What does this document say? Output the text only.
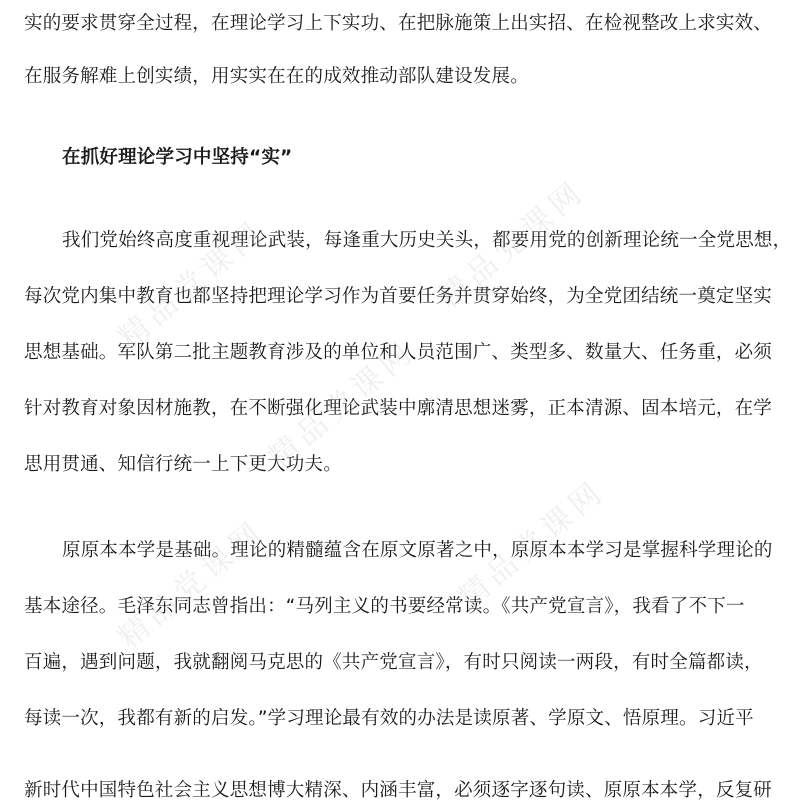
实的要求贯穿全过程，在理论学习上下实功、在把脉施策上出实招、在检视整改上求实效、
在服务解难上创实绩，用实实在在的成效推动部队建设发展。
在抓好理论学习中坚持“实”
我们党始终高度重视理论武装，每逢重大历史关头，都要用党的创新理论统一全党思想，
每次党内集中教育也都坚持把理论学习作为首要任务并贯穿始终，为全党团结统一奠定坚实
思想基础。军队第二批主题教育涉及的单位和人员范围广、类型多、数量大、任务重，必须
针对教育对象因材施教，在不断强化理论武装中廓清思想迷雾，正本清源、固本培元，在学
思用贯通、知信行统一上下更大功夫。
原原本本学是基础。理论的精髓蕴含在原文原著之中，原原本本学习是掌握科学理论的
基本途径。毛泽东同志曾指出：“马列主义的书要经常读。《共产党宣言》，我看了不下一
百遍，遇到问题，我就翻阅马克思的《共产党宣言》，有时只阅读一两段，有时全篇都读，
每读一次，我都有新的启发。”学习理论最有效的办法是读原著、学原文、悟原理。习近平
新时代中国特色社会主义思想博大精深、内涵丰富，必须逐字逐句读、原原本本学，反复研
精品党课网	精品党课网
精品党课网
精品党课网	精品党课网
